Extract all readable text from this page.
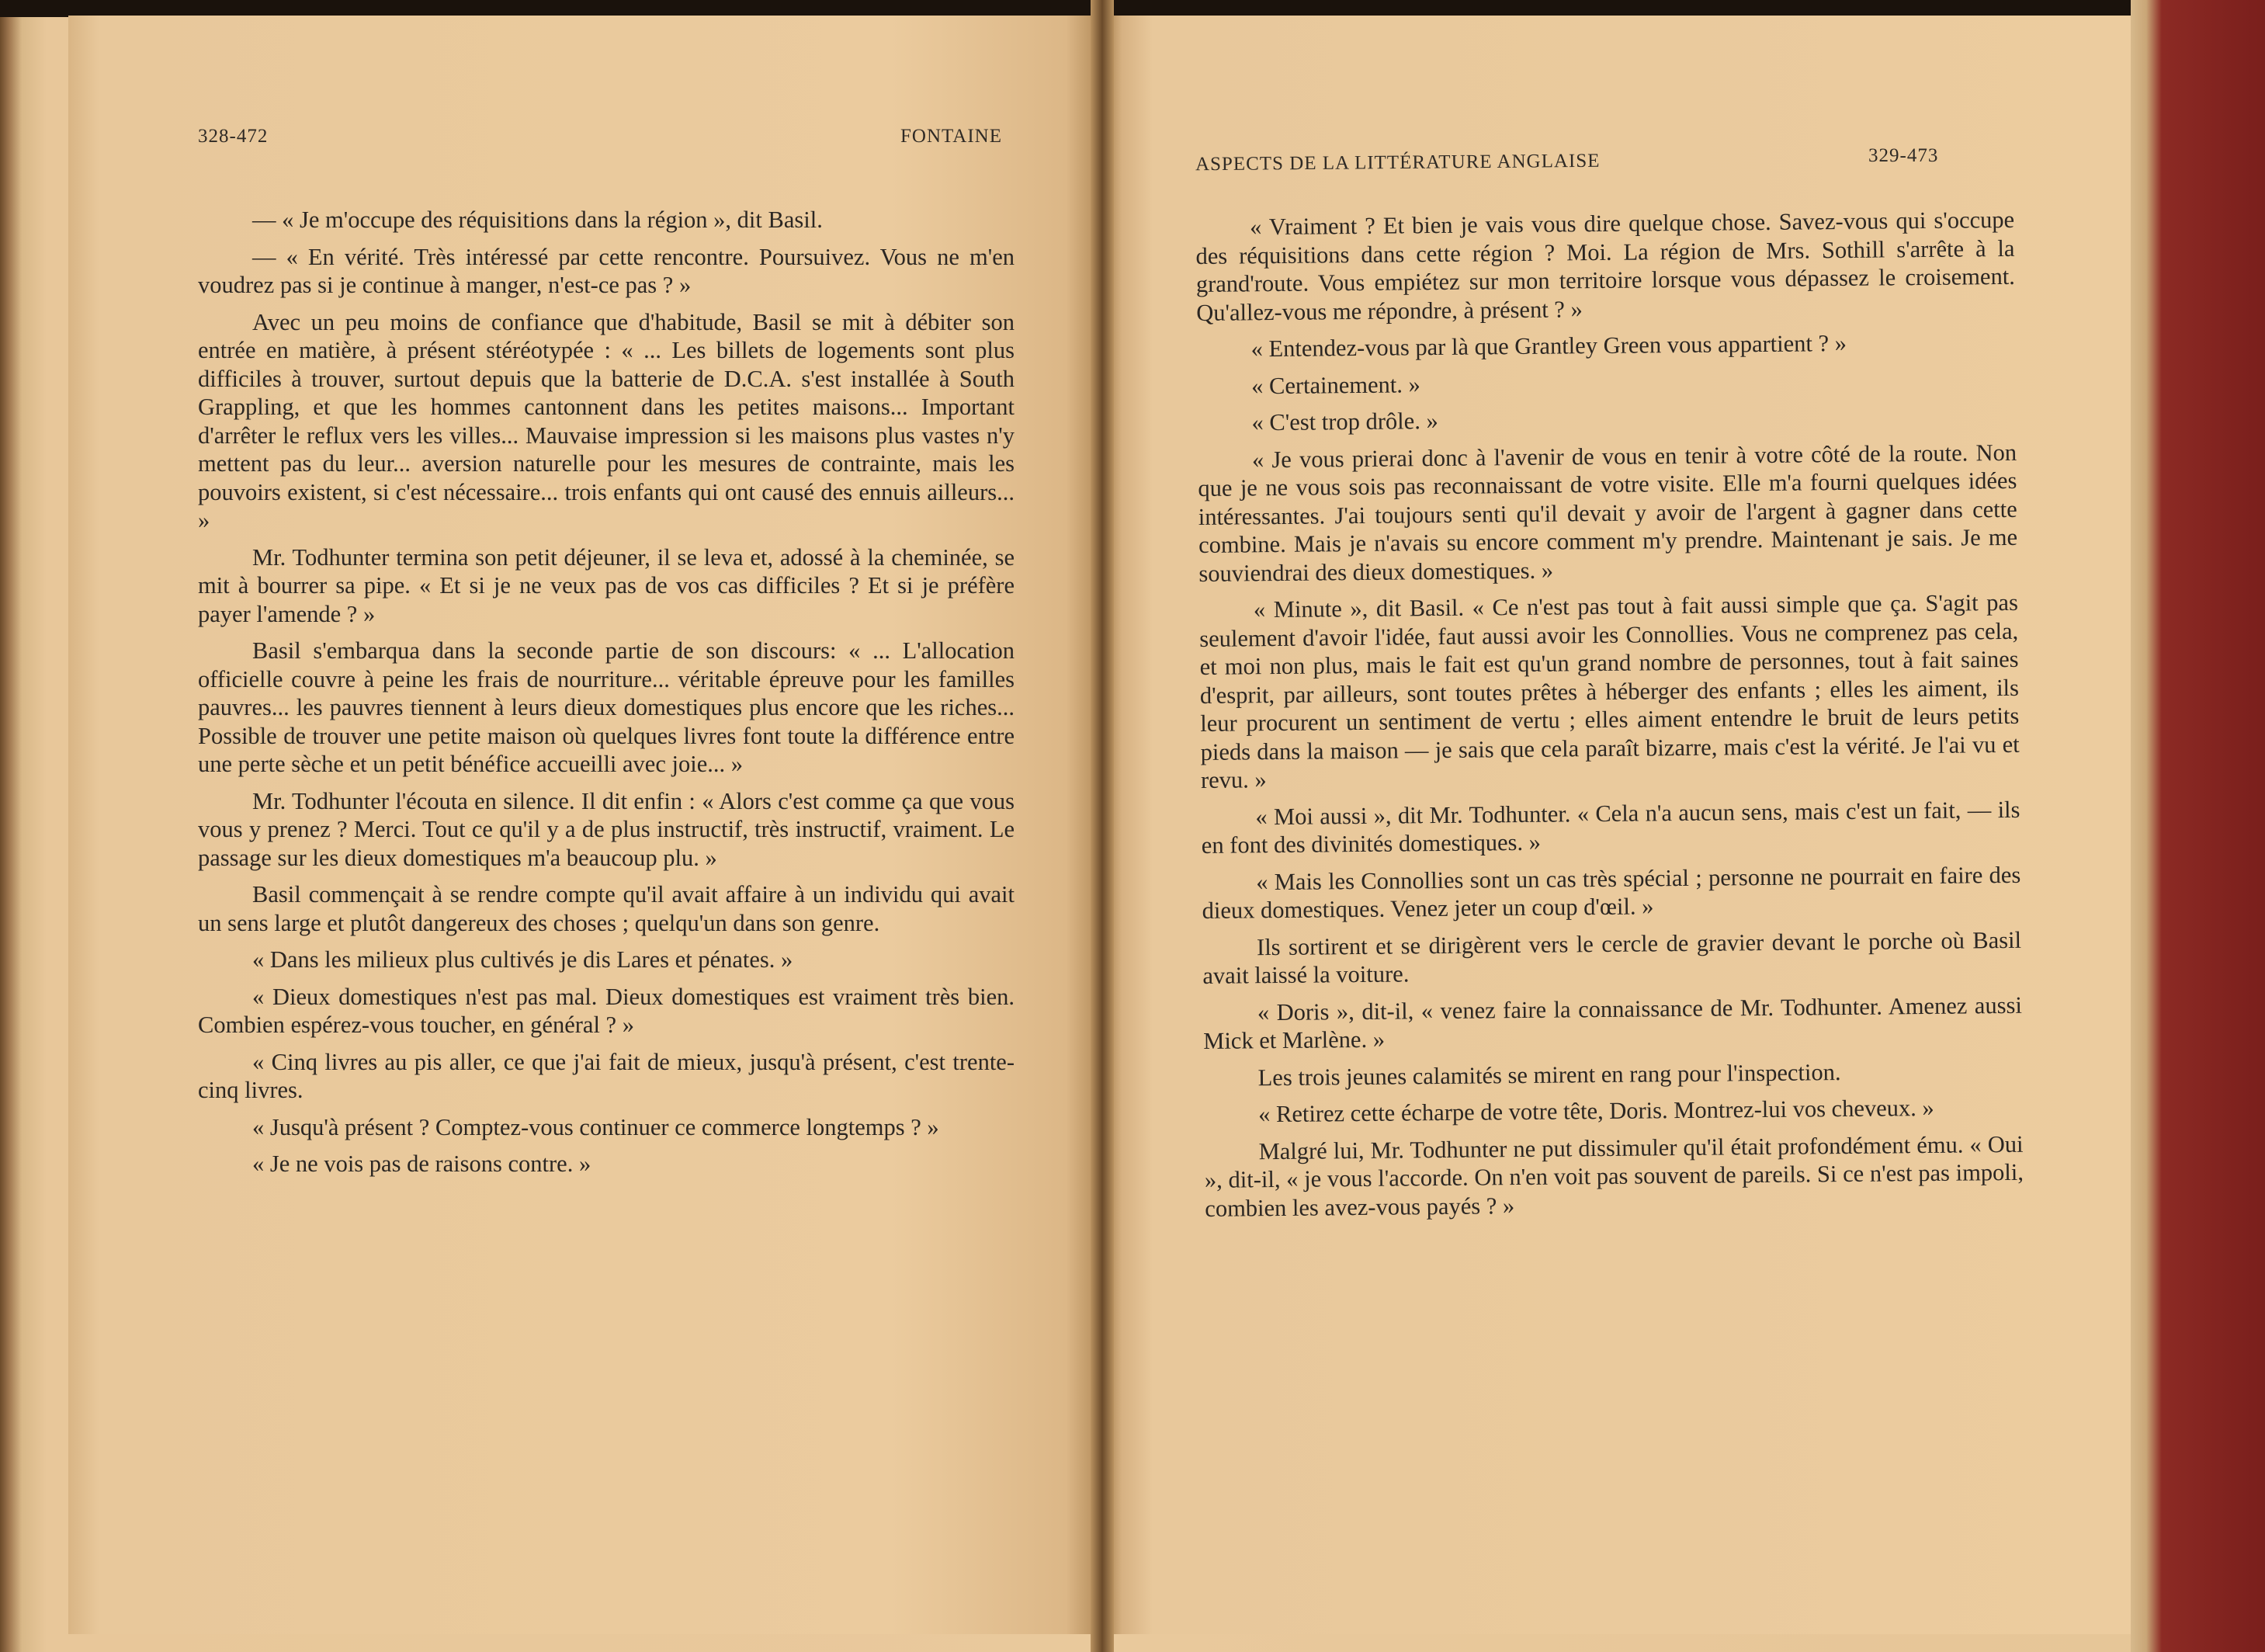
328-472	FONTAINE
ASPECTS DE LA LITTÉRATURE ANGLAISE	329-473

— « Je m'occupe des réquisitions dans la région », dit Basil.

— « En vérité. Très intéressé par cette rencontre. Poursuivez. Vous ne m'en voudrez pas si je continue à manger, n'est-ce pas ? »

Avec un peu moins de confiance que d'habitude, Basil se mit à débiter son entrée en matière, à présent stéréotypée : « ... Les billets de logements sont plus difficiles à trouver, surtout depuis que la batterie de D.C.A. s'est installée à South Grappling, et que les hommes cantonnent dans les petites maisons... Important d'arrêter le reflux vers les villes... Mauvaise impression si les maisons plus vastes n'y mettent pas du leur... aversion naturelle pour les mesures de contrainte, mais les pouvoirs existent, si c'est nécessaire... trois enfants qui ont causé des ennuis ailleurs... »

Mr. Todhunter termina son petit déjeuner, il se leva et, adossé à la cheminée, se mit à bourrer sa pipe. « Et si je ne veux pas de vos cas difficiles ? Et si je préfère payer l'amende ? »

Basil s'embarqua dans la seconde partie de son discours: « ... L'allocation officielle couvre à peine les frais de nourriture... véritable épreuve pour les familles pauvres... les pauvres tiennent à leurs dieux domestiques plus encore que les riches... Possible de trouver une petite maison où quelques livres font toute la différence entre une perte sèche et un petit bénéfice accueilli avec joie... »

Mr. Todhunter l'écouta en silence. Il dit enfin : « Alors c'est comme ça que vous vous y prenez ? Merci. Tout ce qu'il y a de plus instructif, très instructif, vraiment. Le passage sur les dieux domestiques m'a beaucoup plu. »

Basil commençait à se rendre compte qu'il avait affaire à un individu qui avait un sens large et plutôt dangereux des choses ; quelqu'un dans son genre.

« Dans les milieux plus cultivés je dis Lares et pénates. »

« Dieux domestiques n'est pas mal. Dieux domestiques est vraiment très bien. Combien espérez-vous toucher, en général ? »

« Cinq livres au pis aller, ce que j'ai fait de mieux, jusqu'à présent, c'est trente-cinq livres.

« Jusqu'à présent ? Comptez-vous continuer ce commerce longtemps ? »

« Je ne vois pas de raisons contre. »

« Vraiment ? Et bien je vais vous dire quelque chose. Savez-vous qui s'occupe des réquisitions dans cette région ? Moi. La région de Mrs. Sothill s'arrête à la grand'route. Vous empiétez sur mon territoire lorsque vous dépassez le croisement. Qu'allez-vous me répondre, à présent ? »

« Entendez-vous par là que Grantley Green vous appartient ? »

« Certainement. »

« C'est trop drôle. »

« Je vous prierai donc à l'avenir de vous en tenir à votre côté de la route. Non que je ne vous sois pas reconnaissant de votre visite. Elle m'a fourni quelques idées intéressantes. J'ai toujours senti qu'il devait y avoir de l'argent à gagner dans cette combine. Mais je n'avais su encore comment m'y prendre. Maintenant je sais. Je me souviendrai des dieux domestiques. »

« Minute », dit Basil. « Ce n'est pas tout à fait aussi simple que ça. S'agit pas seulement d'avoir l'idée, faut aussi avoir les Connollies. Vous ne comprenez pas cela, et moi non plus, mais le fait est qu'un grand nombre de personnes, tout à fait saines d'esprit, par ailleurs, sont toutes prêtes à héberger des enfants ; elles les aiment, ils leur procurent un sentiment de vertu ; elles aiment entendre le bruit de leurs petits pieds dans la maison — je sais que cela paraît bizarre, mais c'est la vérité. Je l'ai vu et revu. »

« Moi aussi », dit Mr. Todhunter. « Cela n'a aucun sens, mais c'est un fait, — ils en font des divinités domestiques. »

« Mais les Connollies sont un cas très spécial ; personne ne pourrait en faire des dieux domestiques. Venez jeter un coup d'œil. »

Ils sortirent et se dirigèrent vers le cercle de gravier devant le porche où Basil avait laissé la voiture.

« Doris », dit-il, « venez faire la connaissance de Mr. Todhunter. Amenez aussi Mick et Marlène. »

Les trois jeunes calamités se mirent en rang pour l'inspection.

« Retirez cette écharpe de votre tête, Doris. Montrez-lui vos cheveux. »

Malgré lui, Mr. Todhunter ne put dissimuler qu'il était profondément ému. « Oui », dit-il, « je vous l'accorde. On n'en voit pas souvent de pareils. Si ce n'est pas impoli, combien les avez-vous payés ? »
